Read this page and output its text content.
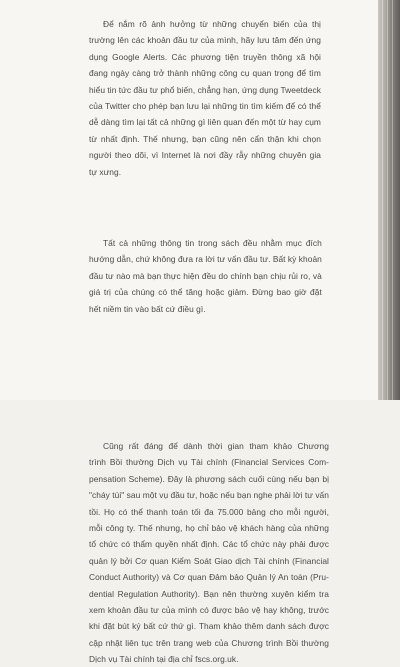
Để nắm rõ ảnh hưởng từ những chuyển biến của thị
trường lên các khoản đầu tư của mình, hãy lưu tâm đến ứng
dụng Google Alerts. Các phương tiện truyền thông xã hội
đang ngày càng trở thành những công cụ quan trọng để tìm
hiểu tin tức đầu tư phổ biến, chẳng hạn, ứng dụng Tweetdeck
của Twitter cho phép bạn lưu lại những tin tìm kiếm để có thể
dễ dàng tìm lại tất cả những gì liên quan đến một từ hay cụm
từ nhất định. Thế nhưng, bạn cũng nên cẩn thận khi chọn
người theo dõi, vì Internet là nơi đầy rẫy những chuyên gia
tự xưng.

Tất cả những thông tin trong sách đều nhằm mục đích
hướng dẫn, chứ không đưa ra lời tư vấn đầu tư. Bất kỳ khoản
đầu tư nào mà bạn thực hiện đều do chính bạn chịu rủi ro, và
giá trị của chúng có thể tăng hoặc giảm. Đừng bao giờ đặt
hết niềm tin vào bất cứ điều gì.

Cũng rất đáng để dành thời gian tham khảo Chương
trình Bồi thường Dịch vụ Tài chính (Financial Services Com-
pensation Scheme). Đây là phương sách cuối cùng nếu bạn bị
"cháy túi" sau một vụ đầu tư, hoặc nếu bạn nghe phải lời tư vấn
tồi. Họ có thể thanh toán tối đa 75.000 bảng cho mỗi người,
mỗi công ty. Thế nhưng, họ chỉ bảo vệ khách hàng của những
tổ chức có thẩm quyền nhất định. Các tổ chức này phải được
quản lý bởi Cơ quan Kiểm Soát Giao dịch Tài chính (Financial
Conduct Authority) và Cơ quan Đảm bảo Quản lý An toàn (Pru-
dential Regulation Authority). Bạn nên thường xuyên kiểm tra
xem khoản đầu tư của mình có được bảo vệ hay không, trước
khi đặt bút ký bất cứ thứ gì. Tham khảo thêm danh sách được
cập nhật liên tục trên trang web của Chương trình Bồi thường
Dịch vụ Tài chính tại địa chỉ fscs.org.uk.
